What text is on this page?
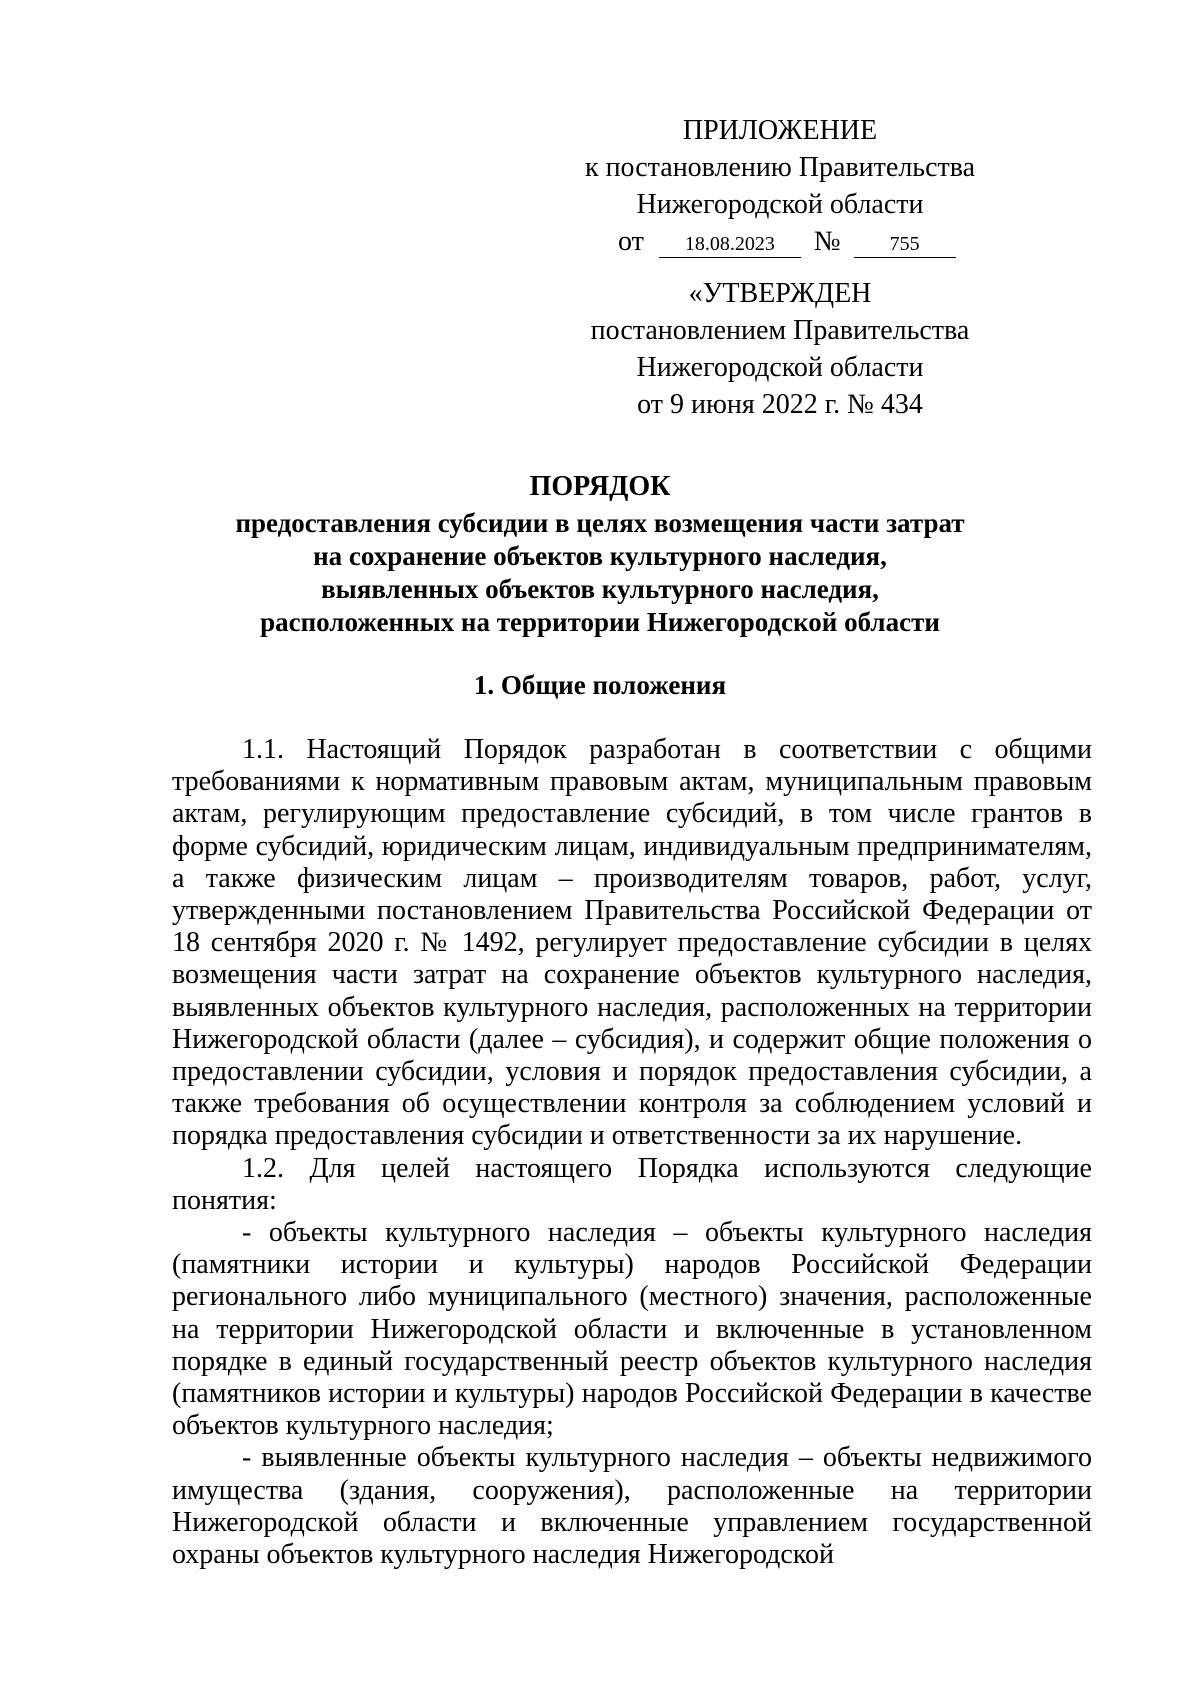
ПРИЛОЖЕНИЕ
к постановлению Правительства
Нижегородской области
от 18.08.2023 № 755
«УТВЕРЖДЕН
постановлением Правительства
Нижегородской области
от 9 июня 2022 г. № 434
ПОРЯДОК
предоставления субсидии в целях возмещения части затрат
на сохранение объектов культурного наследия,
выявленных объектов культурного наследия,
расположенных на территории Нижегородской области
1. Общие положения

1.1. Настоящий Порядок разработан в соответствии с общими требованиями к нормативным правовым актам, муниципальным правовым актам, регулирующим предоставление субсидий, в том числе грантов в форме субсидий, юридическим лицам, индивидуальным предпринимателям, а также физическим лицам – производителям товаров, работ, услуг, утвержденными постановлением Правительства Российской Федерации от 18 сентября 2020 г. № 1492, регулирует предоставление субсидии в целях возмещения части затрат на сохранение объектов культурного наследия, выявленных объектов культурного наследия, расположенных на территории Нижегородской области (далее – субсидия), и содержит общие положения о предоставлении субсидии, условия и порядок предоставления субсидии, а также требования об осуществлении контроля за соблюдением условий и порядка предоставления субсидии и ответственности за их нарушение.

1.2. Для целей настоящего Порядка используются следующие понятия:

- объекты культурного наследия – объекты культурного наследия (памятники истории и культуры) народов Российской Федерации регионального либо муниципального (местного) значения, расположенные на территории Нижегородской области и включенные в установленном порядке в единый государственный реестр объектов культурного наследия (памятников истории и культуры) народов Российской Федерации в качестве объектов культурного наследия;

- выявленные объекты культурного наследия – объекты недвижимого имущества (здания, сооружения), расположенные на территории Нижегородской области и включенные управлением государственной охраны объектов культурного наследия Нижегородской
